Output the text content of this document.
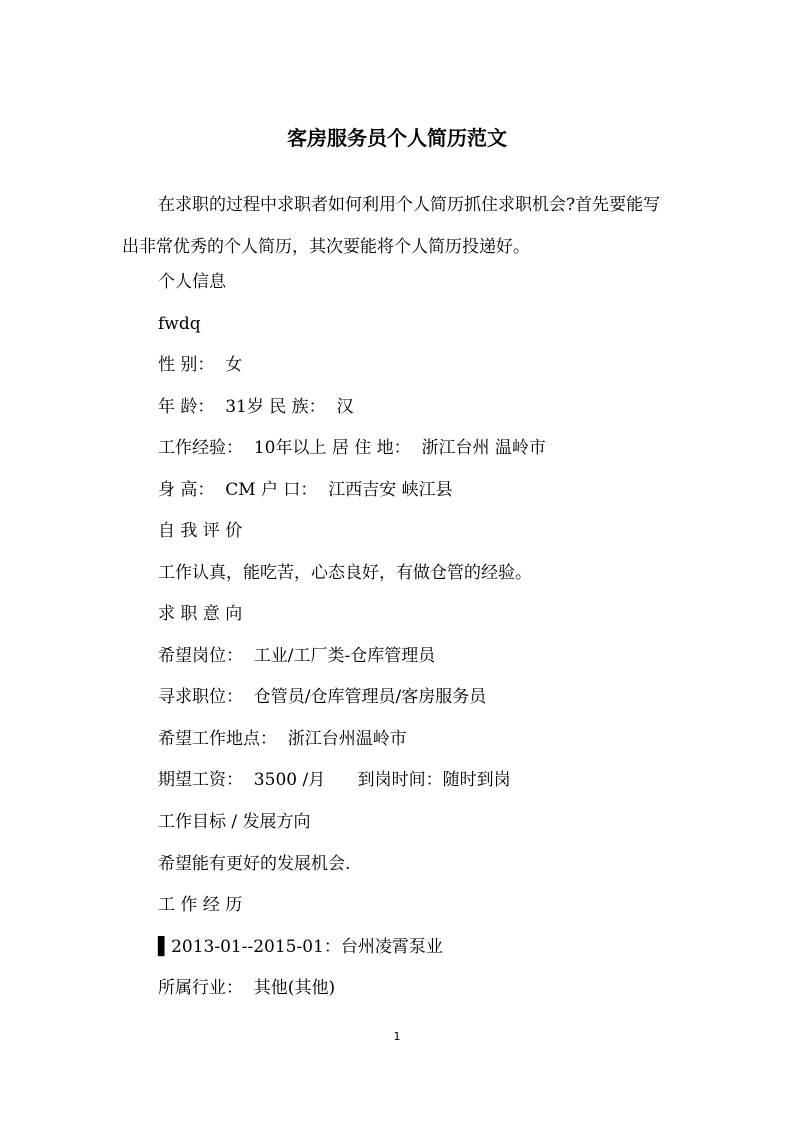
客房服务员个人简历范文

在求职的过程中求职者如何利用个人简历抓住求职机会?首先要能写出非常优秀的个人简历，其次要能将个人简历投递好。

个人信息
fwdq
性 别：  女
年 龄：  31岁 民 族：  汉
工作经验：  10年以上 居 住 地：  浙江台州 温岭市
身 高：  CM 户 口：  江西吉安 峡江县
自 我 评 价
工作认真，能吃苦，心态良好，有做仓管的经验。
求 职 意 向
希望岗位：  工业/工厂类-仓库管理员
寻求职位：  仓管员/仓库管理员/客房服务员
希望工作地点：  浙江台州温岭市
期望工资：  3500 /月      到岗时间：随时到岗
工作目标 / 发展方向
希望能有更好的发展机会.
工 作 经 历
▌2013-01--2015-01：台州凌霄泵业
所属行业：  其他(其他)
1
